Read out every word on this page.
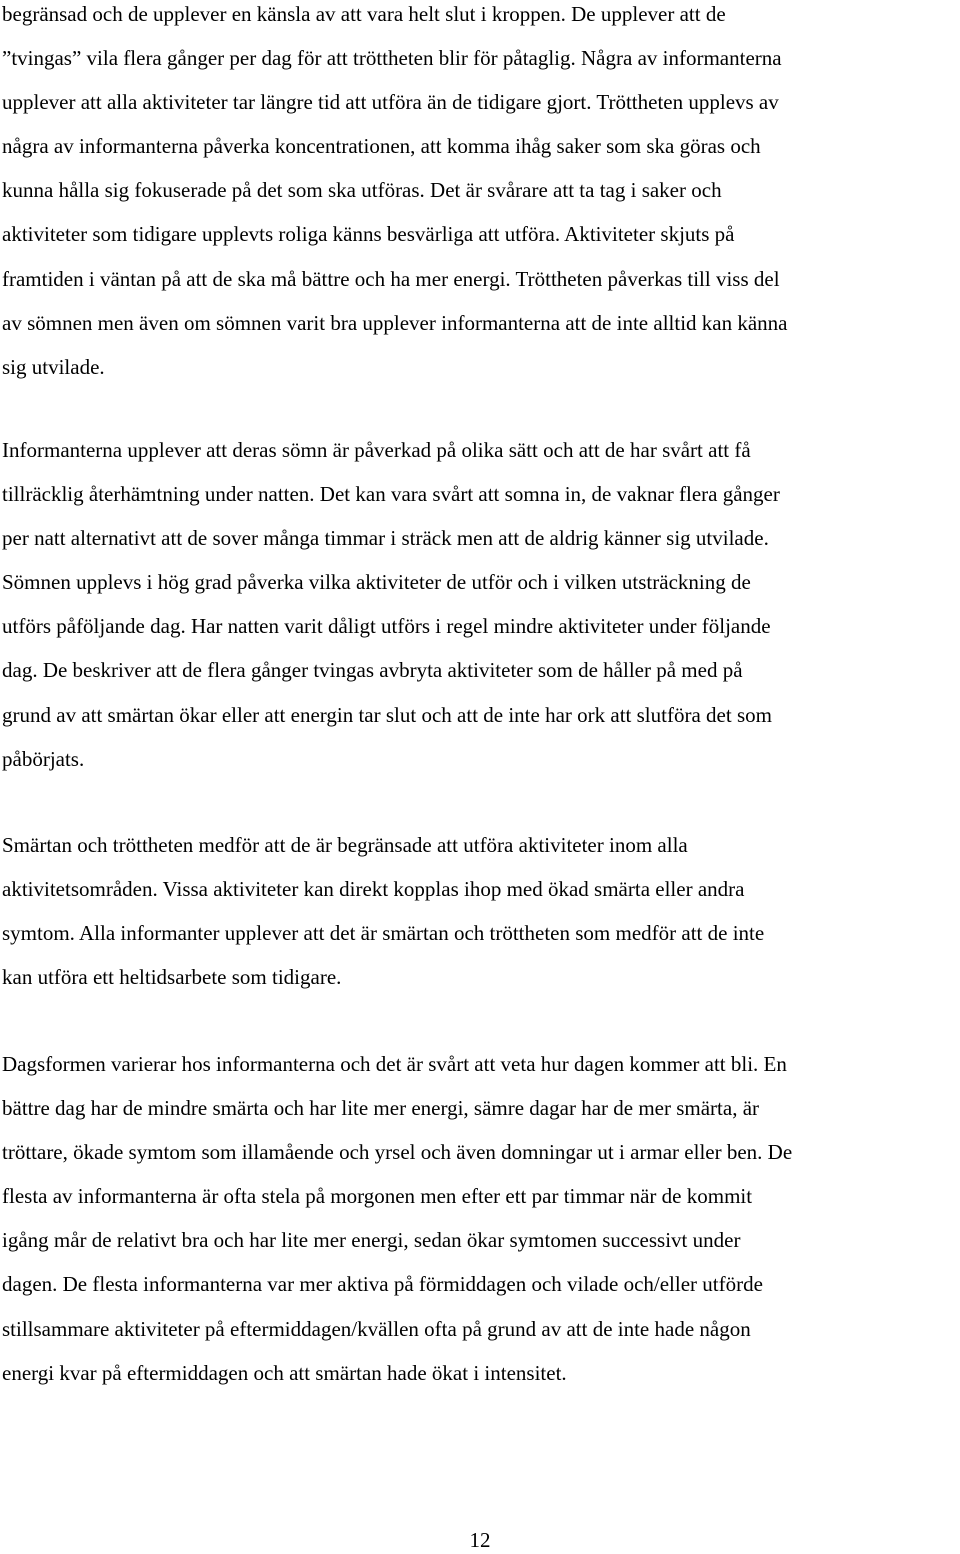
begränsad och de upplever en känsla av att vara helt slut i kroppen. De upplever att de
”tvingas” vila flera gånger per dag för att tröttheten blir för påtaglig. Några av informanterna
upplever att alla aktiviteter tar längre tid att utföra än de tidigare gjort. Tröttheten upplevs av
några av informanterna påverka koncentrationen, att komma ihåg saker som ska göras och
kunna hålla sig fokuserade på det som ska utföras. Det är svårare att ta tag i saker och
aktiviteter som tidigare upplevts roliga känns besvärliga att utföra. Aktiviteter skjuts på
framtiden i väntan på att de ska må bättre och ha mer energi. Tröttheten påverkas till viss del
av sömnen men även om sömnen varit bra upplever informanterna att de inte alltid kan känna
sig utvilade.
Informanterna upplever att deras sömn är påverkad på olika sätt och att de har svårt att få
tillräcklig återhämtning under natten. Det kan vara svårt att somna in, de vaknar flera gånger
per natt alternativt att de sover många timmar i sträck men att de aldrig känner sig utvilade.
Sömnen upplevs i hög grad påverka vilka aktiviteter de utför och i vilken utsträckning de
utförs påföljande dag. Har natten varit dåligt utförs i regel mindre aktiviteter under följande
dag. De beskriver att de flera gånger tvingas avbryta aktiviteter som de håller på med på
grund av att smärtan ökar eller att energin tar slut och att de inte har ork att slutföra det som
påbörjats.
Smärtan och tröttheten medför att de är begränsade att utföra aktiviteter inom alla
aktivitetsområden. Vissa aktiviteter kan direkt kopplas ihop med ökad smärta eller andra
symtom. Alla informanter upplever att det är smärtan och tröttheten som medför att de inte
kan utföra ett heltidsarbete som tidigare.
Dagsformen varierar hos informanterna och det är svårt att veta hur dagen kommer att bli. En
bättre dag har de mindre smärta och har lite mer energi, sämre dagar har de mer smärta, är
tröttare, ökade symtom som illamående och yrsel och även domningar ut i armar eller ben. De
flesta av informanterna är ofta stela på morgonen men efter ett par timmar när de kommit
igång mår de relativt bra och har lite mer energi, sedan ökar symtomen successivt under
dagen. De flesta informanterna var mer aktiva på förmiddagen och vilade och/eller utförde
stillsammare aktiviteter på eftermiddagen/kvällen ofta på grund av att de inte hade någon
energi kvar på eftermiddagen och att smärtan hade ökat i intensitet.
12
